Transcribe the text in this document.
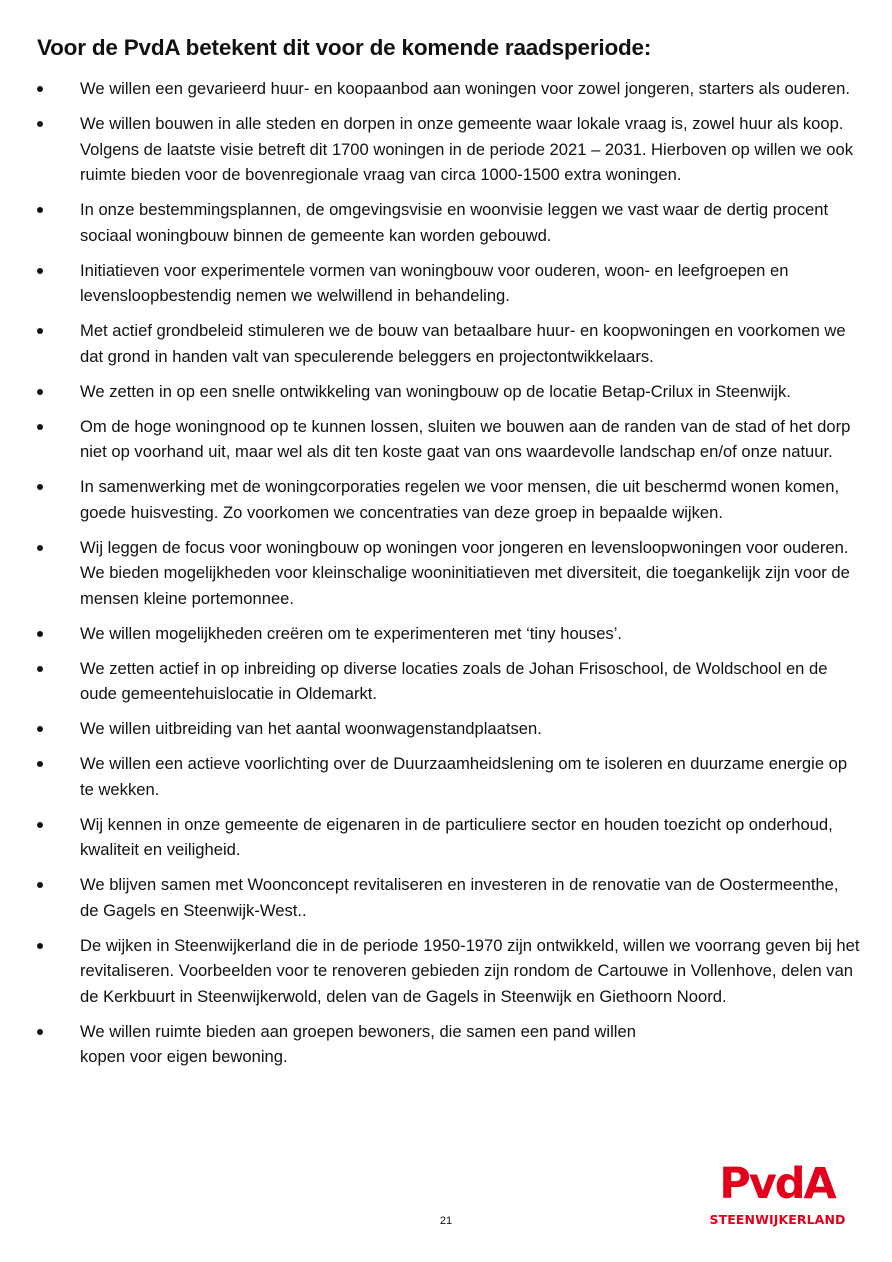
Voor de PvdA betekent dit voor de komende raadsperiode:
We willen een gevarieerd huur- en koopaanbod aan woningen voor zowel jongeren, starters als ouderen.
We willen bouwen in alle steden en dorpen in onze gemeente waar lokale vraag is, zowel huur als koop. Volgens de laatste visie betreft dit 1700 woningen in de periode 2021 – 2031. Hierboven op willen we ook ruimte bieden voor de bovenregionale vraag van circa 1000-1500 extra woningen.
In onze bestemmingsplannen, de omgevingsvisie en woonvisie leggen we vast waar de dertig procent sociaal woningbouw binnen de gemeente kan worden gebouwd.
Initiatieven voor experimentele vormen van woningbouw voor ouderen, woon- en leefgroepen en levensloopbestendig nemen we welwillend in behandeling.
Met actief grondbeleid stimuleren we de bouw van betaalbare huur- en koopwoningen en voorkomen we dat grond in handen valt van speculerende beleggers en projectontwikkelaars.
We zetten in op een snelle ontwikkeling van woningbouw op de locatie Betap-Crilux in Steenwijk.
Om de hoge woningnood op te kunnen lossen, sluiten we bouwen aan de randen van de stad of het dorp niet op voorhand uit, maar wel als dit ten koste gaat van ons waardevolle landschap en/of onze natuur.
In samenwerking met de woningcorporaties regelen we voor mensen, die uit beschermd wonen komen, goede huisvesting. Zo voorkomen we concentraties van deze groep in bepaalde wijken.
Wij leggen de focus voor woningbouw op woningen voor jongeren en levensloopwoningen voor ouderen. We bieden mogelijkheden voor kleinschalige wooninitiatieven met diversiteit, die toegankelijk zijn voor de mensen kleine portemonnee.
We willen mogelijkheden creëren om te experimenteren met ‘tiny houses’.
We zetten actief in op inbreiding op diverse locaties zoals de Johan Frisoschool, de Woldschool en de oude gemeentehuislocatie in Oldemarkt.
We willen uitbreiding van het aantal woonwagenstandplaatsen.
We willen een actieve voorlichting over de Duurzaamheidslening om te isoleren en duurzame energie op te wekken.
Wij kennen in onze gemeente de eigenaren in de particuliere sector en houden toezicht op onderhoud, kwaliteit en veiligheid.
We blijven samen met Woonconcept revitaliseren en investeren in de renovatie van de Oostermeenthe, de Gagels en Steenwijk-West..
De wijken in Steenwijkerland die in de periode 1950-1970 zijn ontwikkeld, willen we voorrang geven bij het revitaliseren. Voorbeelden voor te renoveren gebieden zijn rondom de Cartouwe in Vollenhove, delen van de Kerkbuurt in Steenwijkerwold, delen van de Gagels in Steenwijk en Giethoorn Noord.
We willen ruimte bieden aan groepen bewoners, die samen een pand willen kopen voor eigen bewoning.
21
PvdA
STEENWIJKERLAND
